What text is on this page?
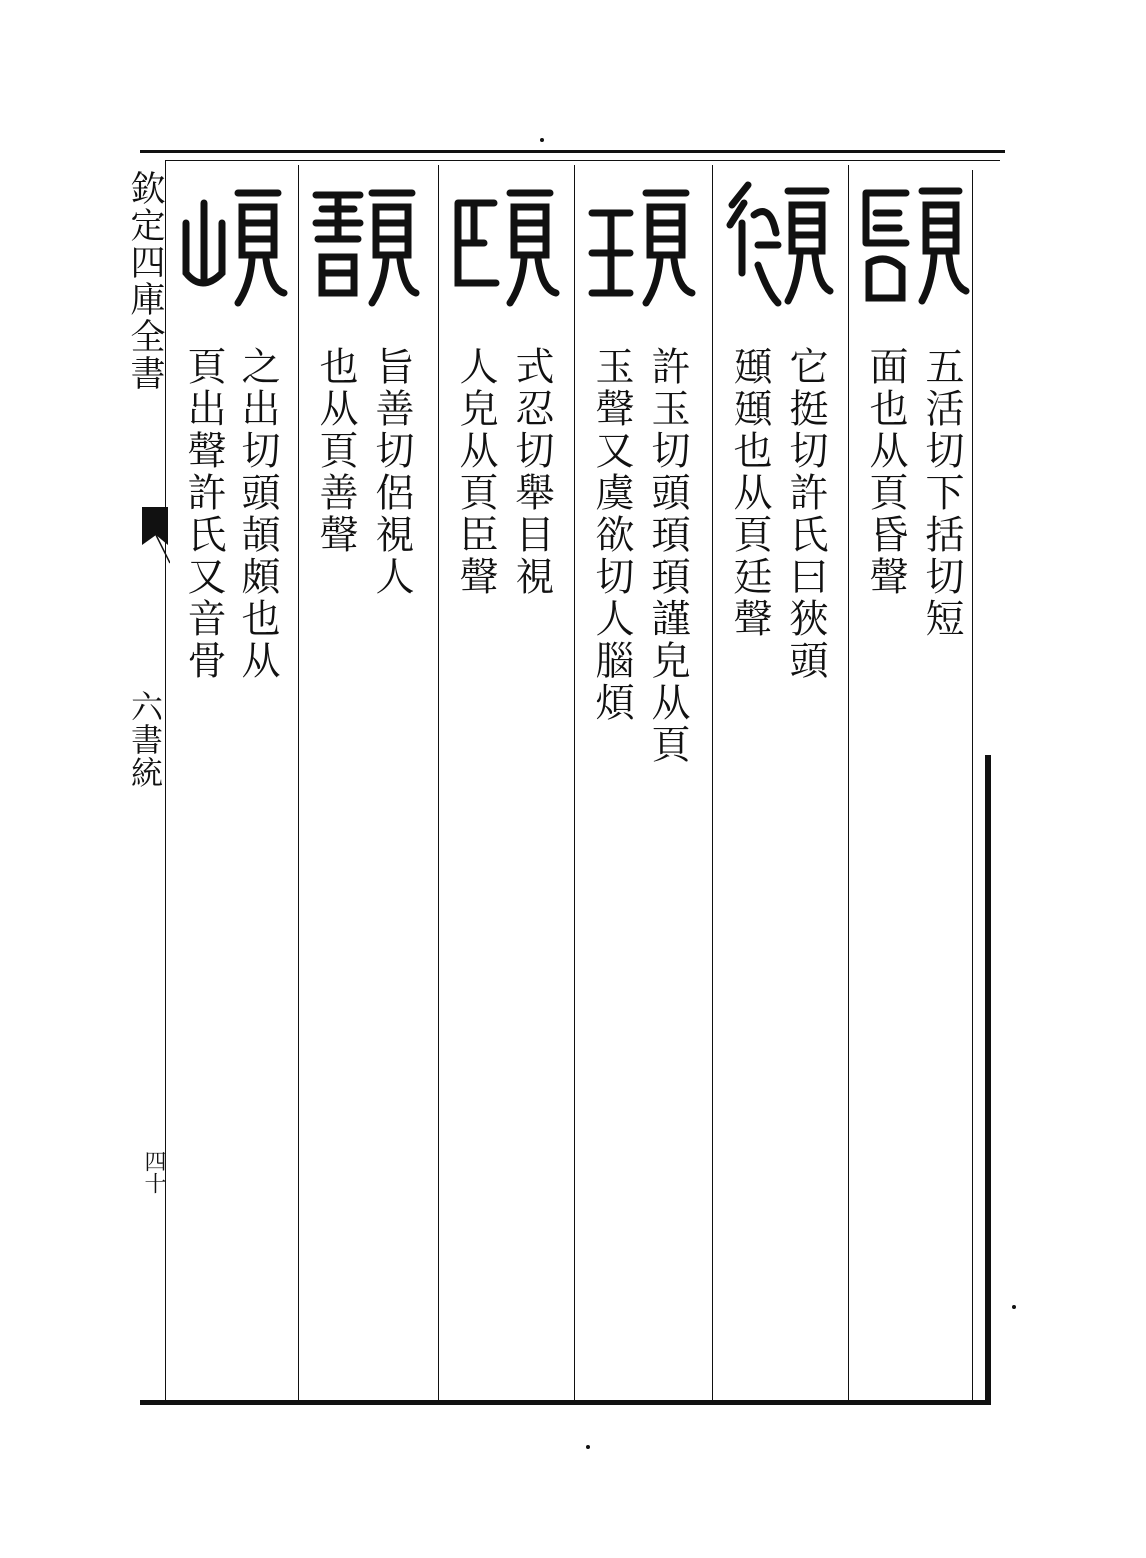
欽定四庫全書
六書統
四十
五活切下括切短
面也从頁昏聲
它挺切許氏曰狹頭
頲頲也从頁廷聲
許玉切頭頊頊謹皃从頁
玉聲又虞欲切人腦煩
式忍切舉目視
人皃从頁臣聲
旨善切侶視人
也从頁善聲
之出切頭頡頗也从
頁出聲許氏又音骨
